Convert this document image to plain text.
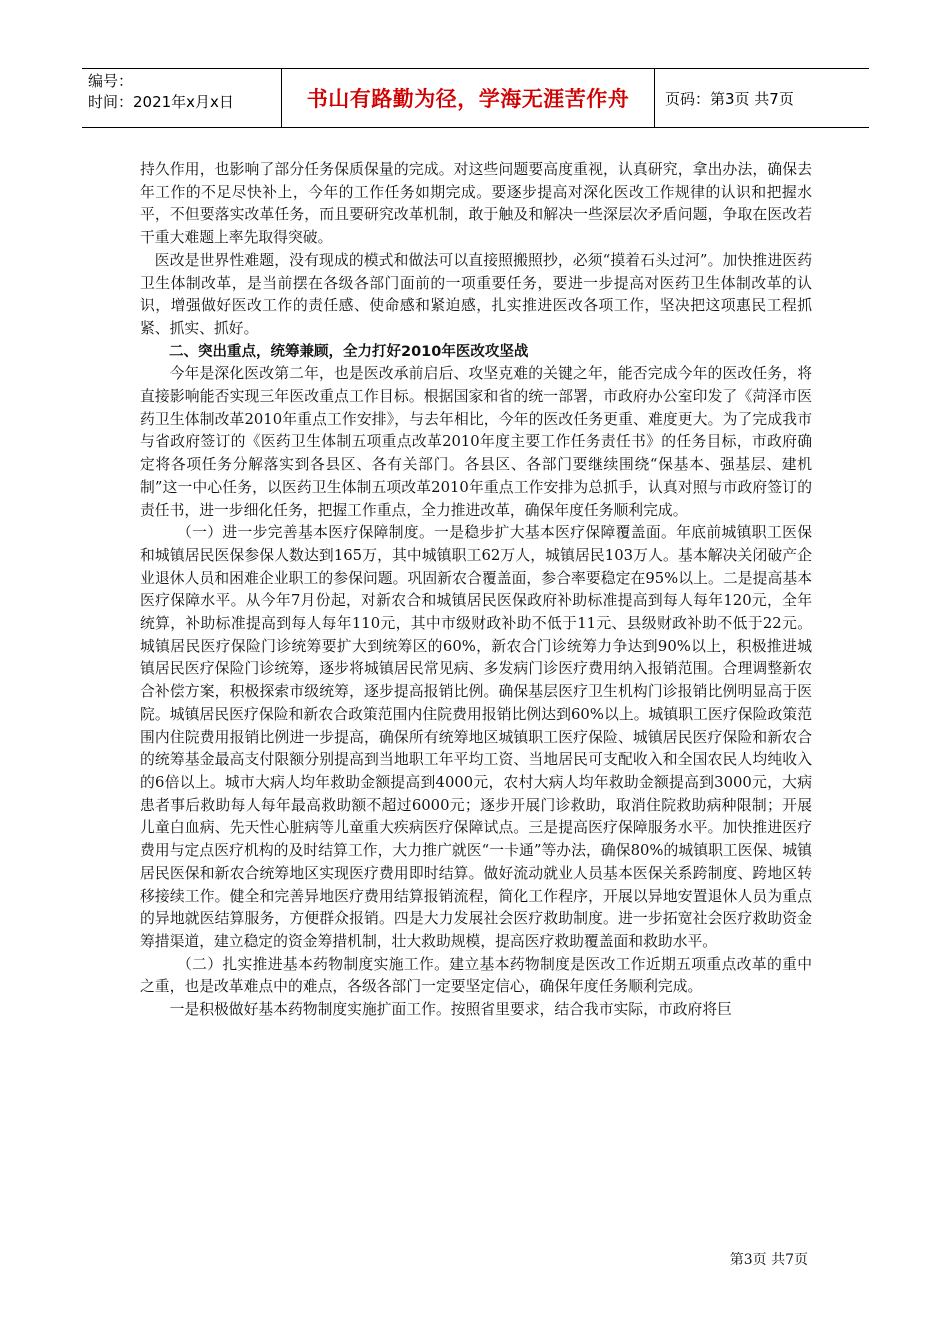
编号：
时间：2021年x月x日	书山有路勤为径，学海无涯苦作舟	页码：第3页 共7页

持久作用，也影响了部分任务保质保量的完成。对这些问题要高度重视，认真研究，拿出办法，确保去年工作的不足尽快补上，今年的工作任务如期完成。要逐步提高对深化医改工作规律的认识和把握水平，不但要落实改革任务，而且要研究改革机制，敢于触及和解决一些深层次矛盾问题，争取在医改若干重大难题上率先取得突破。

医改是世界性难题，没有现成的模式和做法可以直接照搬照抄，必须“摸着石头过河”。加快推进医药卫生体制改革，是当前摆在各级各部门面前的一项重要任务，要进一步提高对医药卫生体制改革的认识，增强做好医改工作的责任感、使命感和紧迫感，扎实推进医改各项工作，坚决把这项惠民工程抓紧、抓实、抓好。

二、突出重点，统筹兼顾，全力打好2010年医改攻坚战

今年是深化医改第二年，也是医改承前启后、攻坚克难的关键之年，能否完成今年的医改任务，将直接影响能否实现三年医改重点工作目标。根据国家和省的统一部署，市政府办公室印发了《菏泽市医药卫生体制改革2010年重点工作安排》，与去年相比，今年的医改任务更重、难度更大。为了完成我市与省政府签订的《医药卫生体制五项重点改革2010年度主要工作任务责任书》的任务目标，市政府确定将各项任务分解落实到各县区、各有关部门。各县区、各部门要继续围绕“保基本、强基层、建机制”这一中心任务，以医药卫生体制五项改革2010年重点工作安排为总抓手，认真对照与市政府签订的责任书，进一步细化任务，把握工作重点，全力推进改革，确保年度任务顺利完成。

（一）进一步完善基本医疗保障制度。一是稳步扩大基本医疗保障覆盖面。年底前城镇职工医保和城镇居民医保参保人数达到165万，其中城镇职工62万人，城镇居民103万人。基本解决关闭破产企业退休人员和困难企业职工的参保问题。巩固新农合覆盖面，参合率要稳定在95%以上。二是提高基本医疗保障水平。从今年7月份起，对新农合和城镇居民医保政府补助标准提高到每人每年120元，全年统算，补助标准提高到每人每年110元，其中市级财政补助不低于11元、县级财政补助不低于22元。城镇居民医疗保险门诊统筹要扩大到统筹区的60%，新农合门诊统筹力争达到90%以上，积极推进城镇居民医疗保险门诊统筹，逐步将城镇居民常见病、多发病门诊医疗费用纳入报销范围。合理调整新农合补偿方案，积极探索市级统筹，逐步提高报销比例。确保基层医疗卫生机构门诊报销比例明显高于医院。城镇居民医疗保险和新农合政策范围内住院费用报销比例达到60%以上。城镇职工医疗保险政策范围内住院费用报销比例进一步提高，确保所有统筹地区城镇职工医疗保险、城镇居民医疗保险和新农合的统筹基金最高支付限额分别提高到当地职工年平均工资、当地居民可支配收入和全国农民人均纯收入的6倍以上。城市大病人均年救助金额提高到4000元，农村大病人均年救助金额提高到3000元，大病患者事后救助每人每年最高救助额不超过6000元；逐步开展门诊救助，取消住院救助病种限制；开展儿童白血病、先天性心脏病等儿童重大疾病医疗保障试点。三是提高医疗保障服务水平。加快推进医疗费用与定点医疗机构的及时结算工作，大力推广就医“一卡通”等办法，确保80%的城镇职工医保、城镇居民医保和新农合统筹地区实现医疗费用即时结算。做好流动就业人员基本医保关系跨制度、跨地区转移接续工作。健全和完善异地医疗费用结算报销流程，简化工作程序，开展以异地安置退休人员为重点的异地就医结算服务，方便群众报销。四是大力发展社会医疗救助制度。进一步拓宽社会医疗救助资金筹措渠道，建立稳定的资金筹措机制，壮大救助规模，提高医疗救助覆盖面和救助水平。

（二）扎实推进基本药物制度实施工作。建立基本药物制度是医改工作近期五项重点改革的重中之重，也是改革难点中的难点，各级各部门一定要坚定信心，确保年度任务顺利完成。

一是积极做好基本药物制度实施扩面工作。按照省里要求，结合我市实际，市政府将巨

第3页 共7页
